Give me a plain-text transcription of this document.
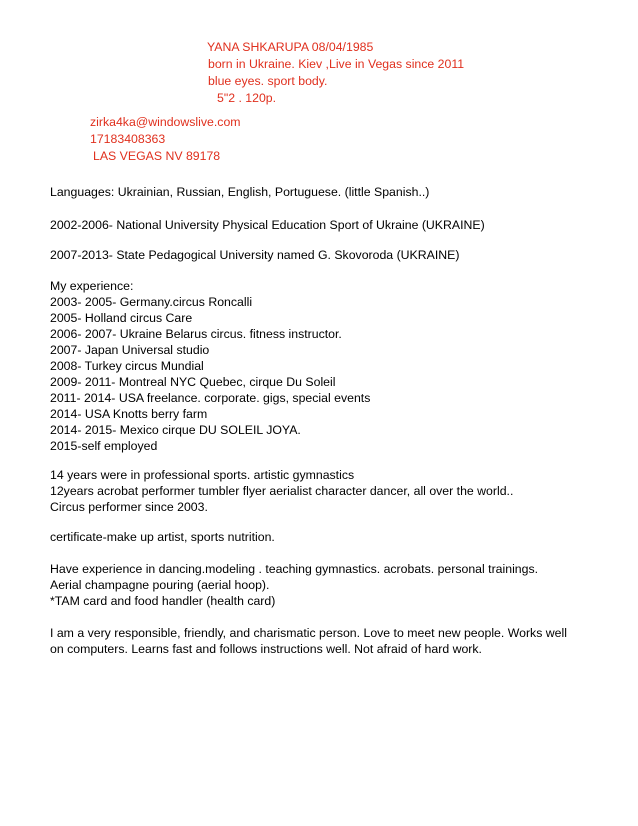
YANA SHKARUPA 08/04/1985
born in Ukraine. Kiev ,Live in Vegas since 2011
blue eyes. sport body.
5"2 . 120p.
zirka4ka@windowslive.com
17183408363
LAS VEGAS NV 89178
Languages: Ukrainian, Russian, English, Portuguese. (little Spanish..)
2002-2006- National University Physical Education Sport of Ukraine (UKRAINE)
2007-2013- State Pedagogical University named G. Skovoroda (UKRAINE)
My experience:
2003- 2005- Germany.circus Roncalli
2005- Holland circus Care
2006- 2007- Ukraine Belarus circus. fitness instructor.
2007- Japan Universal studio
2008- Turkey circus Mundial
2009- 2011- Montreal NYC Quebec, cirque Du Soleil
2011- 2014- USA freelance. corporate. gigs, special events
2014- USA Knotts berry farm
2014- 2015- Mexico cirque DU SOLEIL JOYA.
2015-self employed
14 years were in professional sports. artistic gymnastics
12years acrobat performer tumbler flyer aerialist character dancer, all over the world..
Circus performer since 2003.
certificate-make up artist, sports nutrition.
Have experience in dancing.modeling . teaching gymnastics. acrobats. personal trainings.
Aerial champagne pouring (aerial hoop).
*TAM card and food handler (health card)
I am a very responsible, friendly, and charismatic person. Love to meet new people. Works well
on computers. Learns fast and follows instructions well. Not afraid of hard work.
